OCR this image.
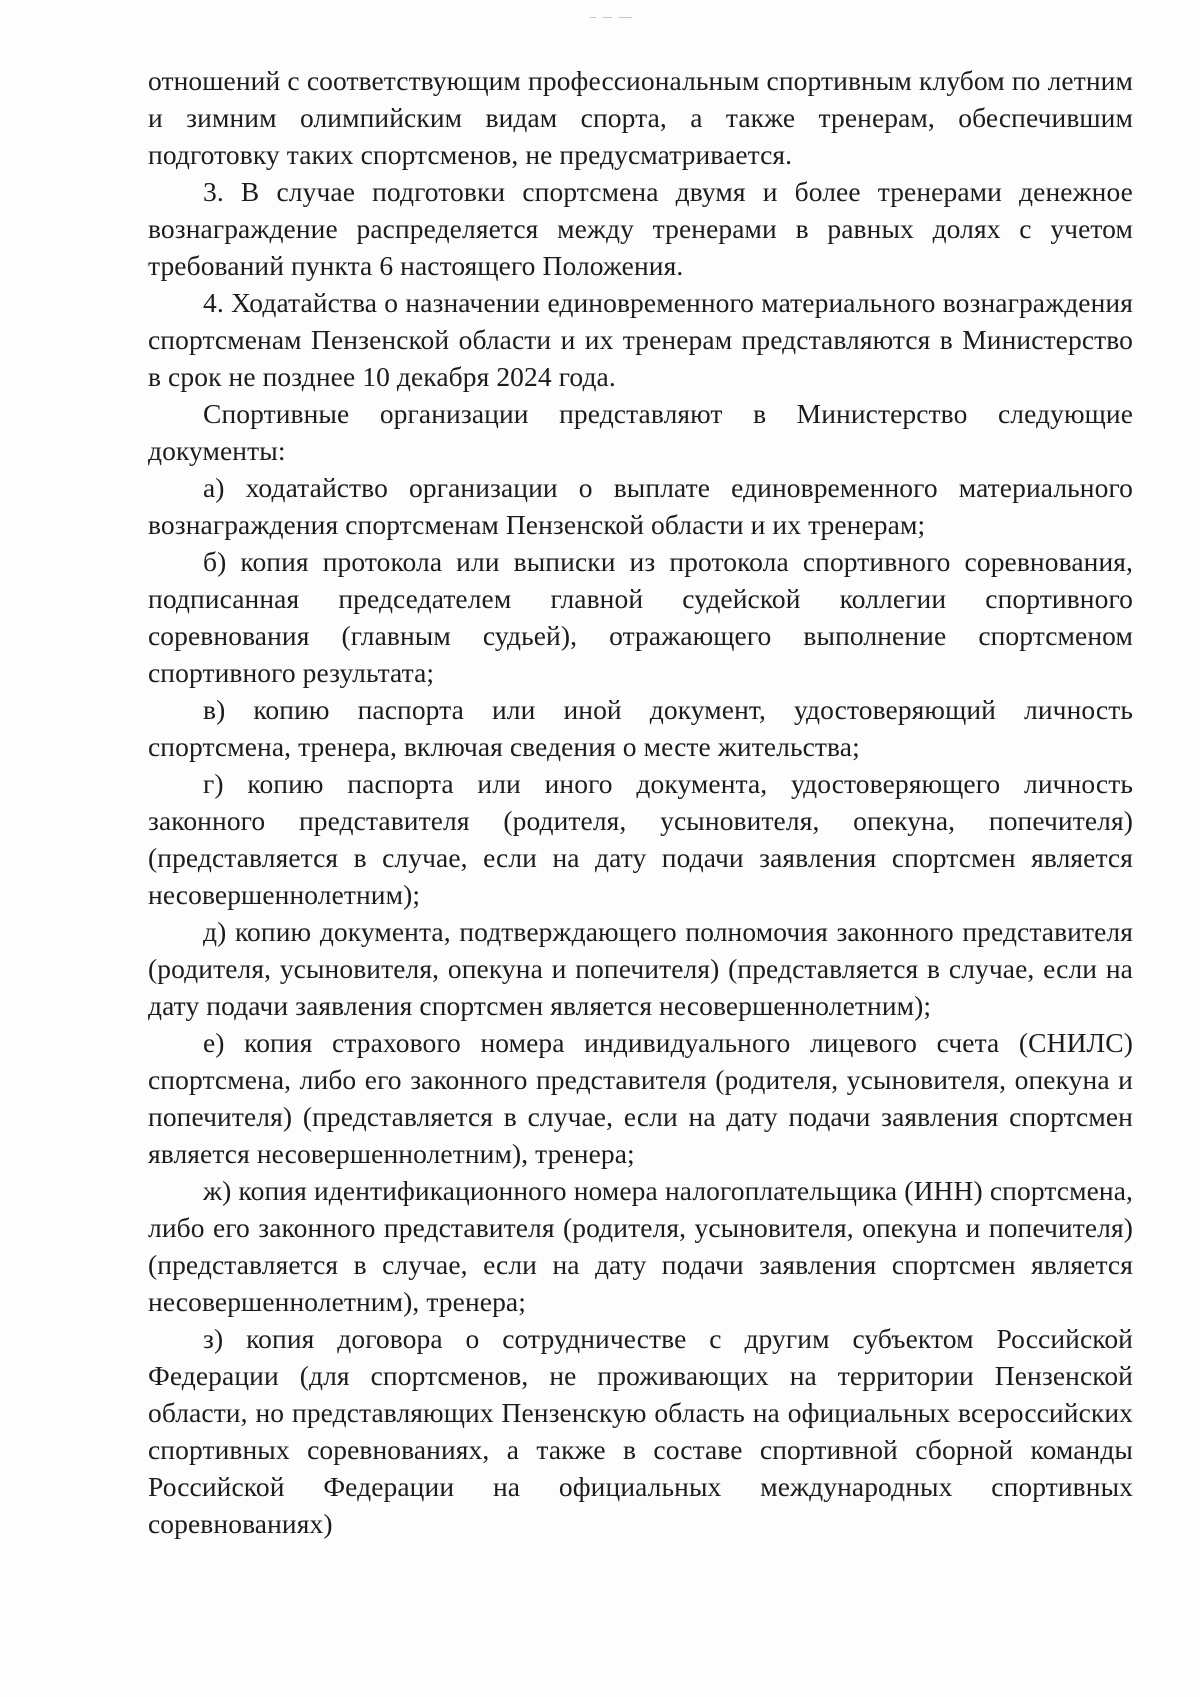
отношений с соответствующим профессиональным спортивным клубом по летним и зимним олимпийским видам спорта, а также тренерам, обеспечившим подготовку таких спортсменов, не предусматривается.

3. В случае подготовки спортсмена двумя и более тренерами денежное вознаграждение распределяется между тренерами в равных долях с учетом требований пункта 6 настоящего Положения.

4. Ходатайства о назначении единовременного материального вознаграждения спортсменам Пензенской области и их тренерам представляются в Министерство в срок не позднее 10 декабря 2024 года.

Спортивные организации представляют в Министерство следующие документы:

а) ходатайство организации о выплате единовременного материального вознаграждения спортсменам Пензенской области и их тренерам;

б) копия протокола или выписки из протокола спортивного соревнования, подписанная председателем главной судейской коллегии спортивного соревнования (главным судьей), отражающего выполнение спортсменом спортивного результата;

в) копию паспорта или иной документ, удостоверяющий личность спортсмена, тренера, включая сведения о месте жительства;

г) копию паспорта или иного документа, удостоверяющего личность законного представителя (родителя, усыновителя, опекуна, попечителя) (представляется в случае, если на дату подачи заявления спортсмен является несовершеннолетним);

д) копию документа, подтверждающего полномочия законного представителя (родителя, усыновителя, опекуна и попечителя) (представляется в случае, если на дату подачи заявления спортсмен является несовершеннолетним);

е) копия страхового номера индивидуального лицевого счета (СНИЛС) спортсмена, либо его законного представителя (родителя, усыновителя, опекуна и попечителя) (представляется в случае, если на дату подачи заявления спортсмен является несовершеннолетним), тренера;

ж) копия идентификационного номера налогоплательщика (ИНН) спортсмена, либо его законного представителя (родителя, усыновителя, опекуна и попечителя) (представляется в случае, если на дату подачи заявления спортсмен является несовершеннолетним), тренера;

з) копия договора о сотрудничестве с другим субъектом Российской Федерации (для спортсменов, не проживающих на территории Пензенской области, но представляющих Пензенскую область на официальных всероссийских спортивных соревнованиях, а также в составе спортивной сборной команды Российской Федерации на официальных международных спортивных соревнованиях)
